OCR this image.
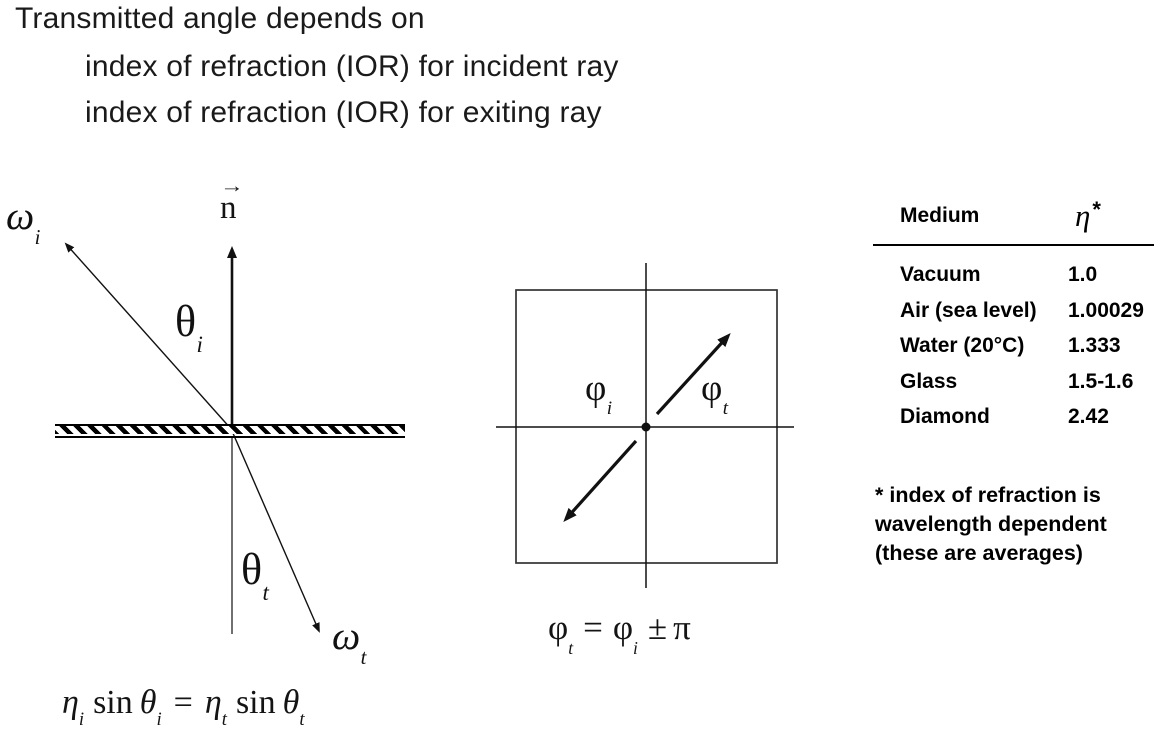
Transmitted angle depends on
index of refraction (IOR) for incident ray
index of refraction (IOR) for exiting ray
$\omega_i$
→
n
$\theta_i$
$\theta_t$
$\omega_t$
$\eta_i$ $\sin \theta_i = \eta_t$ $\sin \theta_t$
$\varphi_i$ $\varphi_t$
$\varphi_t= \varphi_i\pm \pi$
Medium	η*
Vacuum	1.0
Air (sea level) 1.00029
Water (20°C) 1.333
Glass	1.5-1.6
Diamond	2.42
* index of refraction is
wavelength dependent
(these are averages)
